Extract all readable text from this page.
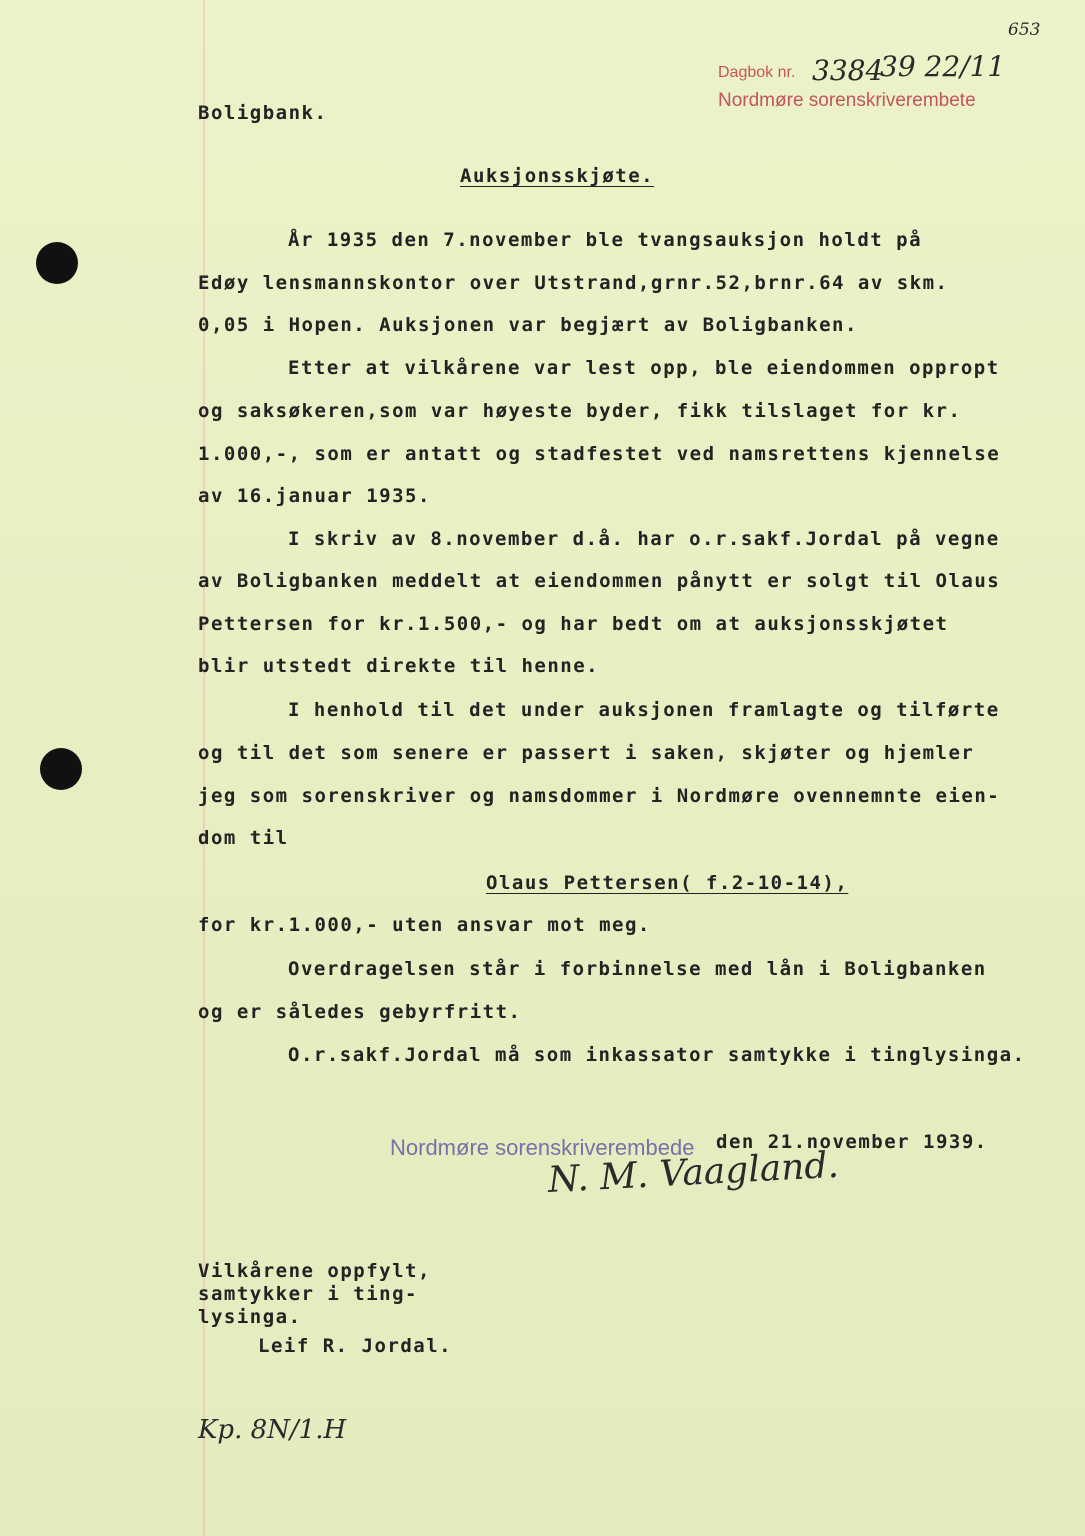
653
Dagbok nr. 3384
39 22/11
Nordmøre sorenskriverembete
Boligbank.
Auksjonsskjøte.
År 1935 den 7.november ble tvangsauksjon holdt på
Edøy lensmannskontor over Utstrand,grnr.52,brnr.64 av skm.
0,05 i Hopen. Auksjonen var begjært av Boligbanken.
Etter at vilkårene var lest opp, ble eiendommen oppropt
og saksøkeren,som var høyeste byder, fikk tilslaget for kr.
1.000,-, som er antatt og stadfestet ved namsrettens kjennelse
av 16.januar 1935.
I skriv av 8.november d.å. har o.r.sakf.Jordal på vegne
av Boligbanken meddelt at eiendommen pånytt er solgt til Olaus
Pettersen for kr.1.500,- og har bedt om at auksjonsskjøtet
blir utstedt direkte til henne.
I henhold til det under auksjonen framlagte og tilførte
og til det som senere er passert i saken, skjøter og hjemler
jeg som sorenskriver og namsdommer i Nordmøre ovennemnte eien-
dom til
Olaus Pettersen( f.2-10-14),
for kr.1.000,- uten ansvar mot meg.
Overdragelsen står i forbinnelse med lån i Boligbanken
og er således gebyrfritt.
O.r.sakf.Jordal må som inkassator samtykke i tinglysinga.
Nordmøre sorenskriverembede den 21.november 1939.
N. M. Vaagland.
Vilkårene oppfylt,
samtykker i ting-
lysinga.
Leif R. Jordal.
Kp. 8N/1.H
